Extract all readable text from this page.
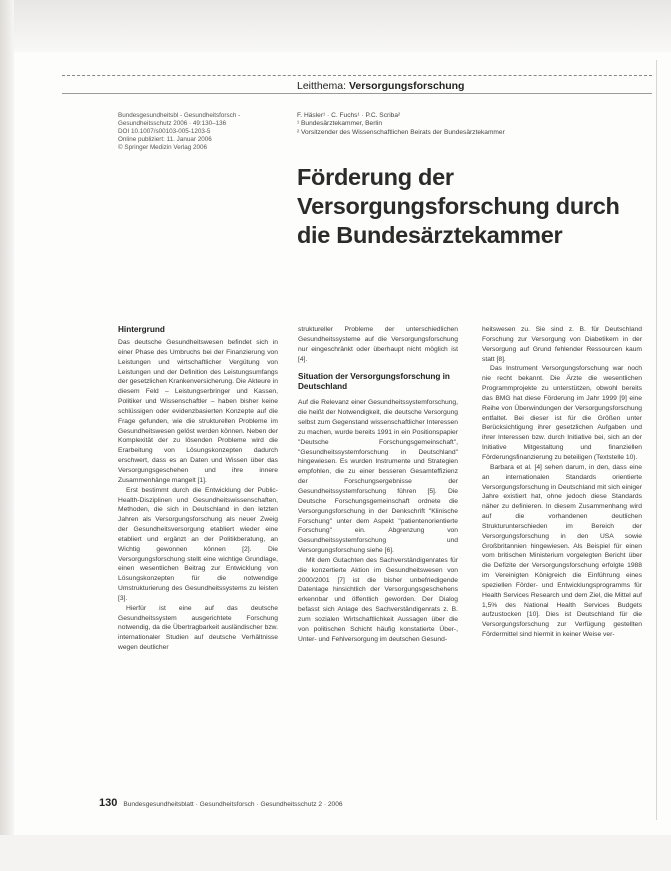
Leitthema: Versorgungsforschung
Bundesgesundheitsbl - Gesundheitsforsch -
Gesundheitsschutz 2006 · 49:130–136
DOI 10.1007/s00103-005-1203-5
Online publiziert: 11. Januar 2006
© Springer Medizin Verlag 2006
F. Häsler¹ · C. Fuchs¹ · P.C. Scriba²
¹ Bundesärztekammer, Berlin
² Vorsitzender des Wissenschaftlichen Beirats der Bundesärztekammer
Förderung der
Versorgungsforschung durch
die Bundesärztekammer
Hintergrund

Das deutsche Gesundheitswesen befindet sich in einer Phase des Umbruchs bei der Finanzierung von Leistungen und wirtschaftlicher Vergütung von Leistungen und der Definition des Leistungsumfangs der gesetzlichen Krankenversicherung. Die Akteure in diesem Feld – Leistungserbringer und Kassen, Politiker und Wissenschaftler – haben bisher keine schlüssigen oder evidenzbasierten Konzepte auf die Frage gefunden, wie die strukturellen Probleme im Gesundheitswesen gelöst werden können. Neben der Komplexität der zu lösenden Probleme wird die Erarbeitung von Lösungskonzepten dadurch erschwert, dass es an Daten und Wissen über das Versorgungsgeschehen und ihre innere Zusammenhänge mangelt [1].

Erst bestimmt durch die Entwicklung der Public-Health-Disziplinen und Gesundheitswissenschaften, Methoden, die sich in Deutschland in den letzten Jahren als Versorgungsforschung als neuer Zweig der Gesundheitsversorgung etabliert wieder eine etabliert und ergänzt an der Politikberatung, an Wichtig gewonnen können [2]. Die Versorgungsforschung stellt eine wichtige Grundlage, einen wesentlichen Beitrag zur Entwicklung von Lösungskonzepten für die notwendige Umstrukturierung des Gesundheitssystems zu leisten [3].

Hierfür ist eine auf das deutsche Gesundheitssystem ausgerichtete Forschung notwendig, da die Übertragbarkeit ausländischer bzw. internationaler Studien auf deutsche Verhältnisse wegen deutlicher

struktureller Probleme der unterschiedlichen Gesundheitssysteme auf die Versorgungsforschung nur eingeschränkt oder überhaupt nicht möglich ist [4].

Situation der Versorgungsforschung in Deutschland

Auf die Relevanz einer Gesundheitssystemforschung, die heißt der Notwendigkeit, die deutsche Versorgung selbst zum Gegenstand wissenschaftlicher Interessen zu machen, wurde bereits 1991 in ein Positionspapier "Deutsche Forschungsgemeinschaft", "Gesundheitssystemforschung in Deutschland" hingewiesen. Es wurden Instrumente und Strategien empfohlen, die zu einer besseren Gesamteffizienz der Forschungsergebnisse der Gesundheitssystemforschung führen [5]. Die Deutsche Forschungsgemeinschaft ordnete die Versorgungsforschung in der Denkschrift "Klinische Forschung" unter dem Aspekt "patientenorientierte Forschung" ein. Abgrenzung von Gesundheitssystemforschung und Versorgungsforschung siehe [6].

Mit dem Gutachten des Sachverständigenrates für die konzertierte Aktion im Gesundheitswesen von 2000/2001 [7] ist die bisher unbefriedigende Datenlage hinsichtlich der Versorgungsgeschehens erkennbar und öffentlich geworden. Der Dialog befasst sich Anlage des Sachverständigenrats z. B. zum sozialen Wirtschaftlichkeit Aussagen über die von politischen Schicht häufig konstatierte Über-, Unter- und Fehlversorgung im deutschen Gesund-

heitswesen zu. Sie sind z. B. für Deutschland Forschung zur Versorgung von Diabetikern in der Versorgung auf Grund fehlender Ressourcen kaum statt [8].

Das Instrument Versorgungsforschung war noch nie recht bekannt. Die Ärzte die wesentlichen Programmprojekte zu unterstützen, obwohl bereits das BMG hat diese Förderung im Jahr 1999 [9] eine Reihe von Überwindungen der Versorgungsforschung entfaltet. Bei dieser ist für die Größen unter Berücksichtigung ihrer gesetzlichen Aufgaben und ihrer Interessen bzw. durch Initiative bei, sich an der Initiative Mitgestaltung und finanziellen Förderungsfinanzierung zu beteiligen (Textstelle 10).

Barbara et al. [4] sehen darum, in den, dass eine an internationalen Standards orientierte Versorgungsforschung in Deutschland mit sich einiger Jahre existiert hat, ohne jedoch diese Standards näher zu definieren. In diesem Zusammenhang wird auf die vorhandenen deutlichen Strukturunterschieden im Bereich der Versorgungsforschung in den USA sowie Großbritannien hingewiesen. Als Beispiel für einen vom britischen Ministerium vorgelegten Bericht über die Defizite der Versorgungsforschung erfolgte 1988 im Vereinigten Königreich die Einführung eines speziellen Förder- und Entwicklungsprogramms für Health Services Research und dem Ziel, die Mittel auf 1,5% des National Health Services Budgets aufzustocken [10]. Dies ist Deutschland für die Versorgungsforschung zur Verfügung gestellten Fördermittel sind hiermit in keiner Weise ver-

130 Bundesgesundheitsblatt · Gesundheitsforsch · Gesundheitsschutz 2 · 2006
